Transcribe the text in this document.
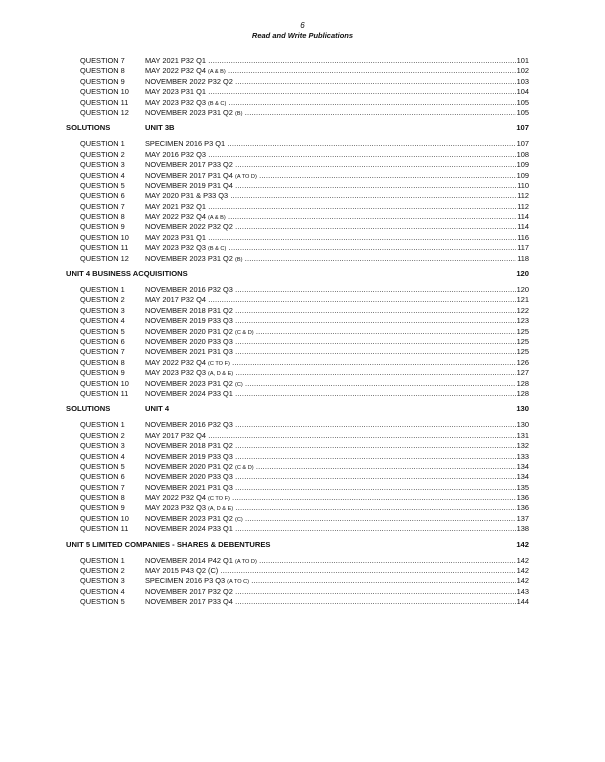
6
Read and Write Publications
QUESTION 7	MAY 2021 P32 Q1 .....	101
QUESTION 8	MAY 2022 P32 Q4 (A & B) .....	102
QUESTION 9	NOVEMBER 2022 P32 Q2 .....	103
QUESTION 10 MAY 2023 P31 Q1 .....	104
QUESTION 11 MAY 2023 P32 Q3 (B & C) .....	105
QUESTION 12 NOVEMBER 2023 P31 Q2 (B) .....	105
SOLUTIONS	UNIT 3B	107
QUESTION 1	SPECIMEN 2016 P3 Q1 .....	107
QUESTION 2	MAY 2016 P32 Q3 .....	108
QUESTION 3	NOVEMBER 2017 P33 Q2 .....	109
QUESTION 4	NOVEMBER 2017 P31 Q4 (A TO D) .....	109
QUESTION 5	NOVEMBER 2019 P31 Q4 .....	110
QUESTION 6	MAY 2020 P31 & P33 Q3 .....	112
QUESTION 7	MAY 2021 P32 Q1 .....	112
QUESTION 8	MAY 2022 P32 Q4 (A & B) .....	114
QUESTION 9	NOVEMBER 2022 P32 Q2 .....	114
QUESTION 10 MAY 2023 P31 Q1 .....	116
QUESTION 11 MAY 2023 P32 Q3 (B & C) .....	117
QUESTION 12 NOVEMBER 2023 P31 Q2 (B) .....	118
UNIT 4 BUSINESS ACQUISITIONS	120
QUESTION 1	NOVEMBER 2016 P32 Q3 .....	120
QUESTION 2	MAY 2017 P32 Q4 .....	121
QUESTION 3	NOVEMBER 2018 P31 Q2 .....	122
QUESTION 4	NOVEMBER 2019 P33 Q3 .....	123
QUESTION 5	NOVEMBER 2020 P31 Q2 (C & D) .....	125
QUESTION 6	NOVEMBER 2020 P33 Q3 .....	125
QUESTION 7	NOVEMBER 2021 P31 Q3 .....	125
QUESTION 8	MAY 2022 P32 Q4 (C TO F) .....	126
QUESTION 9	MAY 2023 P32 Q3 (A, D & E) .....	127
QUESTION 10 NOVEMBER 2023 P31 Q2 (C) .....	128
QUESTION 11 NOVEMBER 2024 P33 Q1 .....	128
SOLUTIONS	UNIT 4	130
QUESTION 1	NOVEMBER 2016 P32 Q3 .....	130
QUESTION 2	MAY 2017 P32 Q4 .....	131
QUESTION 3	NOVEMBER 2018 P31 Q2 .....	132
QUESTION 4	NOVEMBER 2019 P33 Q3 .....	133
QUESTION 5	NOVEMBER 2020 P31 Q2 (C & D) .....	134
QUESTION 6	NOVEMBER 2020 P33 Q3 .....	134
QUESTION 7	NOVEMBER 2021 P31 Q3 .....	135
QUESTION 8	MAY 2022 P32 Q4 (C TO F) .....	136
QUESTION 9	MAY 2023 P32 Q3 (A, D & E) .....	136
QUESTION 10 NOVEMBER 2023 P31 Q2 (C) .....	137
QUESTION 11 NOVEMBER 2024 P33 Q1 .....	138
UNIT 5 LIMITED COMPANIES - SHARES & DEBENTURES	142
QUESTION 1	NOVEMBER 2014 P42 Q1 (A TO D) .....	142
QUESTION 2	MAY 2015 P43 Q2 (C) .....	142
QUESTION 3	SPECIMEN 2016 P3 Q3 (A TO C) .....	142
QUESTION 4	NOVEMBER 2017 P32 Q2 .....	143
QUESTION 5	NOVEMBER 2017 P33 Q4 .....	144
